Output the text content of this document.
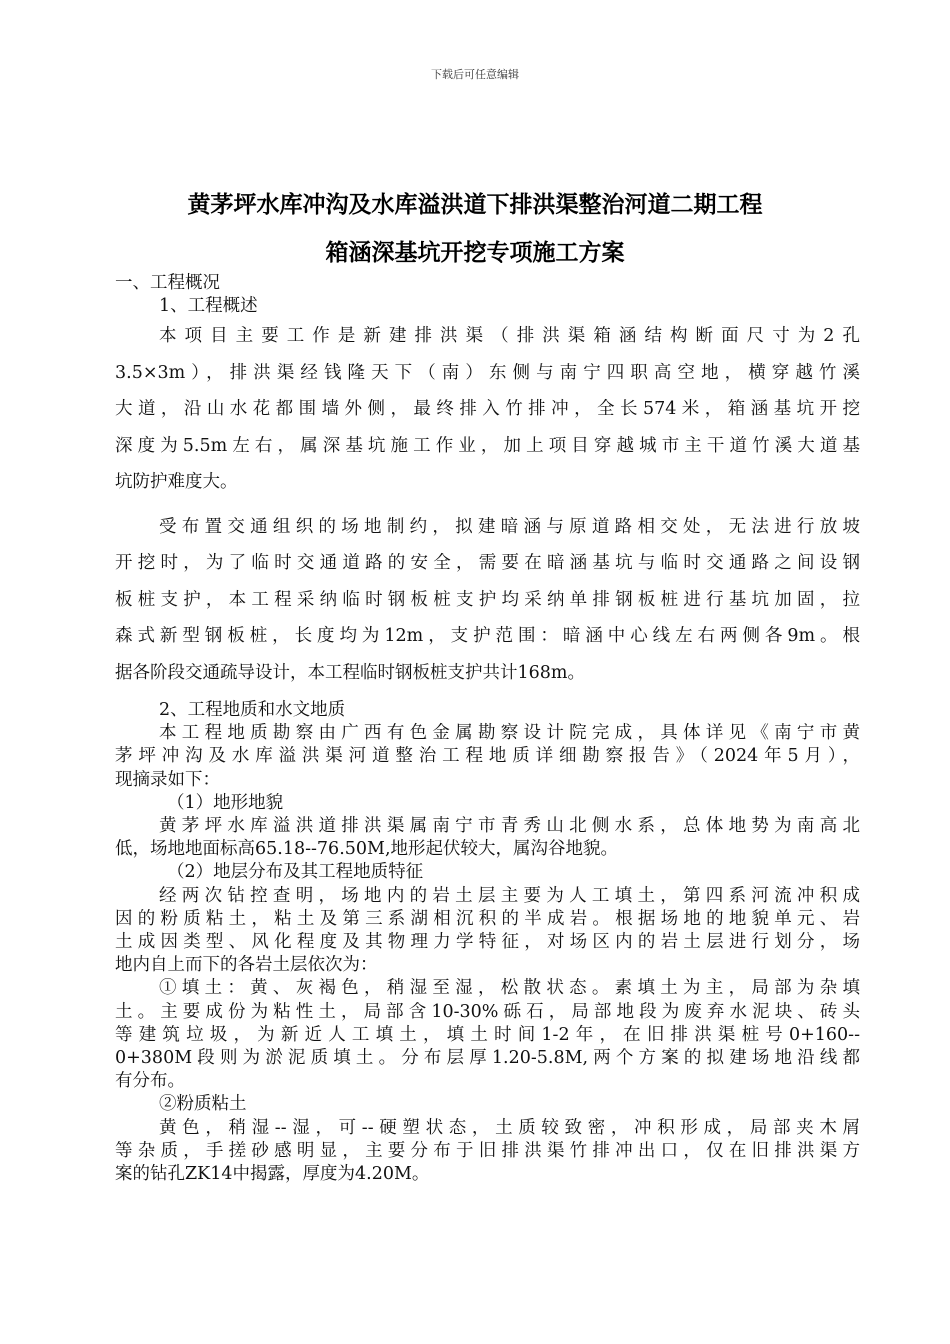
下载后可任意编辑
黄茅坪水库冲沟及水库溢洪道下排洪渠整治河道二期工程
箱涵深基坑开挖专项施工方案
一、工程概况
1、工程概述
本项目主要工作是新建排洪渠（排洪渠箱涵结构断面尺寸为2孔
3.5×3m），排洪渠经钱隆天下（南）东侧与南宁四职高空地，横穿越竹溪
大道，沿山水花都围墙外侧，最终排入竹排冲，全长574米，箱涵基坑开挖
深度为5.5m左右，属深基坑施工作业，加上项目穿越城市主干道竹溪大道基
坑防护难度大。
受布置交通组织的场地制约，拟建暗涵与原道路相交处，无法进行放坡
开挖时，为了临时交通道路的安全，需要在暗涵基坑与临时交通路之间设钢
板桩支护，本工程采纳临时钢板桩支护均采纳单排钢板桩进行基坑加固，拉
森式新型钢板桩，长度均为12m，支护范围：暗涵中心线左右两侧各9m。根
据各阶段交通疏导设计，本工程临时钢板桩支护共计168m。
2、工程地质和水文地质
本工程地质勘察由广西有色金属勘察设计院完成，具体详见《南宁市黄
茅坪冲沟及水库溢洪渠河道整治工程地质详细勘察报告》（2024年5月），
现摘录如下：
（1）地形地貌
黄茅坪水库溢洪道排洪渠属南宁市青秀山北侧水系，总体地势为南高北
低，场地地面标高65.18--76.50M,地形起伏较大，属沟谷地貌。
（2）地层分布及其工程地质特征
经两次钻控查明，场地内的岩土层主要为人工填土，第四系河流冲积成
因的粉质粘土，粘土及第三系湖相沉积的半成岩。根据场地的地貌单元、岩
土成因类型、风化程度及其物理力学特征，对场区内的岩土层进行划分，场
地内自上而下的各岩土层依次为：
①填土：黄、灰褐色，稍湿至湿，松散状态。素填土为主，局部为杂填
土。主要成份为粘性土，局部含10-30%砾石，局部地段为废弃水泥块、砖头
等建筑垃圾，为新近人工填土，填土时间1-2年，在旧排洪渠桩号0+160--
0+380M段则为淤泥质填土。分布层厚1.20-5.8M,两个方案的拟建场地沿线都
有分布。
②粉质粘土
黄色，稍湿--湿，可--硬塑状态，土质较致密，冲积形成，局部夹木屑
等杂质，手搓砂感明显，主要分布于旧排洪渠竹排冲出口，仅在旧排洪渠方
案的钻孔ZK14中揭露，厚度为4.20M。
